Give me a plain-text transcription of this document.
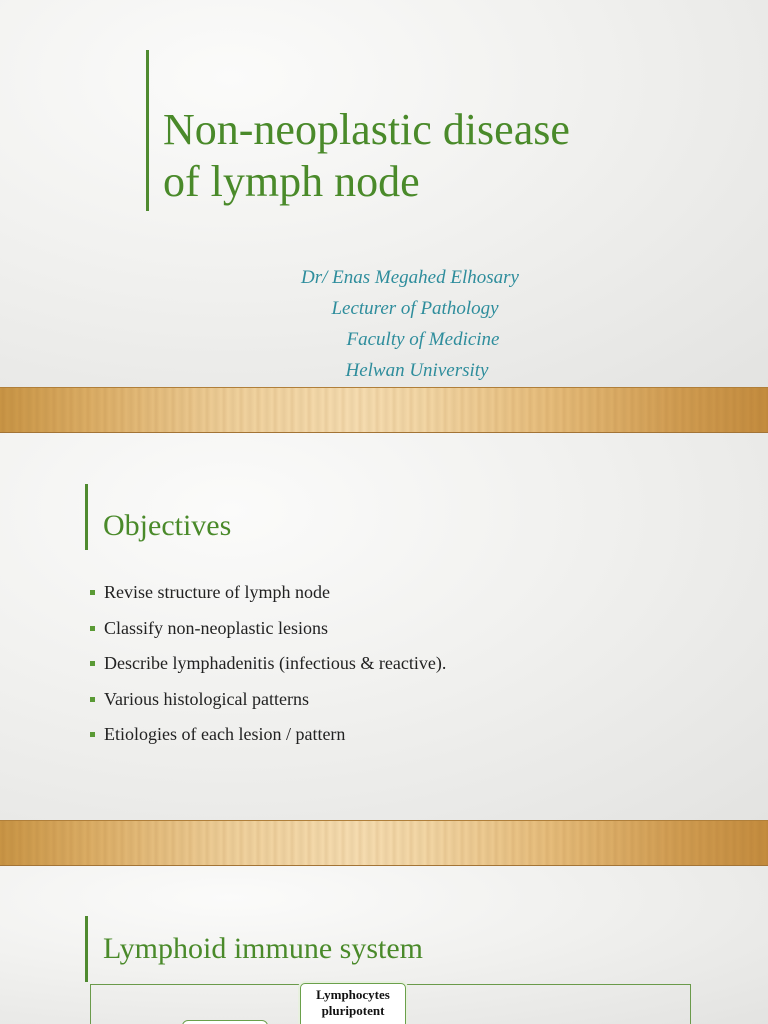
Non-neoplastic disease
of lymph node
Dr/ Enas Megahed Elhosary
Lecturer of Pathology
Faculty of Medicine
Helwan University
Objectives
Revise structure of lymph node
Classify non-neoplastic lesions
Describe lymphadenitis (infectious & reactive).
Various histological patterns
Etiologies of each lesion / pattern
Lymphoid immune system
Lymphocytes
pluripotent
